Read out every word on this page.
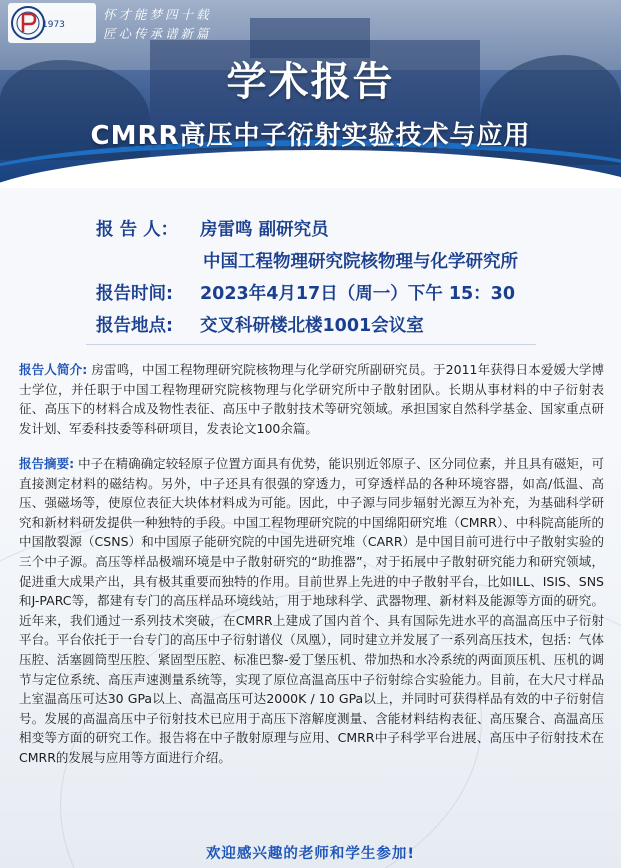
1973
怀才能梦四十载
匠心传承谱新篇
学术报告
CMRR高压中子衍射实验技术与应用
报 告 人： 房雷鸣 副研究员
中国工程物理研究院核物理与化学研究所
报告时间: 2023年4月17日（周一）下午 15：30
报告地点: 交叉科研楼北楼1001会议室
报告人简介: 房雷鸣，中国工程物理研究院核物理与化学研究所副研究员。于2011年获得日本爱媛大学博士学位，并任职于中国工程物理研究院核物理与化学研究所中子散射团队。长期从事材料的中子衍射表征、高压下的材料合成及物性表征、高压中子散射技术等研究领域。承担国家自然科学基金、国家重点研发计划、军委科技委等科研项目，发表论文100余篇。
报告摘要: 中子在精确确定较轻原子位置方面具有优势，能识别近邻原子、区分同位素，并且具有磁矩，可直接测定材料的磁结构。另外，中子还具有很强的穿透力，可穿透样品的各种环境容器，如高/低温、高压、强磁场等，使原位表征大块体材料成为可能。因此，中子源与同步辐射光源互为补充，为基础科学研究和新材料研发提供一种独特的手段。中国工程物理研究院的中国绵阳研究堆（CMRR）、中科院高能所的中国散裂源（CSNS）和中国原子能研究院的中国先进研究堆（CARR）是中国目前可进行中子散射实验的三个中子源。高压等样品极端环境是中子散射研究的“助推器”，对于拓展中子散射研究能力和研究领域，促进重大成果产出，具有极其重要而独特的作用。目前世界上先进的中子散射平台，比如ILL、ISIS、SNS和J-PARC等，都建有专门的高压样品环境线站，用于地球科学、武器物理、新材料及能源等方面的研究。近年来，我们通过一系列技术突破，在CMRR上建成了国内首个、具有国际先进水平的高温高压中子衍射平台。平台依托于一台专门的高压中子衍射谱仪（凤凰），同时建立并发展了一系列高压技术，包括：气体压腔、活塞圆筒型压腔、紧固型压腔、标准巴黎-爱丁堡压机、带加热和水冷系统的两面顶压机、压机的调节与定位系统、高压声速测量系统等，实现了原位高温高压中子衍射综合实验能力。目前，在大尺寸样品上室温高压可达30 GPa以上、高温高压可达2000K / 10 GPa以上，并同时可获得样品有效的中子衍射信号。发展的高温高压中子衍射技术已应用于高压下溶解度测量、含能材料结构表征、高压聚合、高温高压相变等方面的研究工作。报告将在中子散射原理与应用、CMRR中子科学平台进展、高压中子衍射技术在CMRR的发展与应用等方面进行介绍。
欢迎感兴趣的老师和学生参加!
